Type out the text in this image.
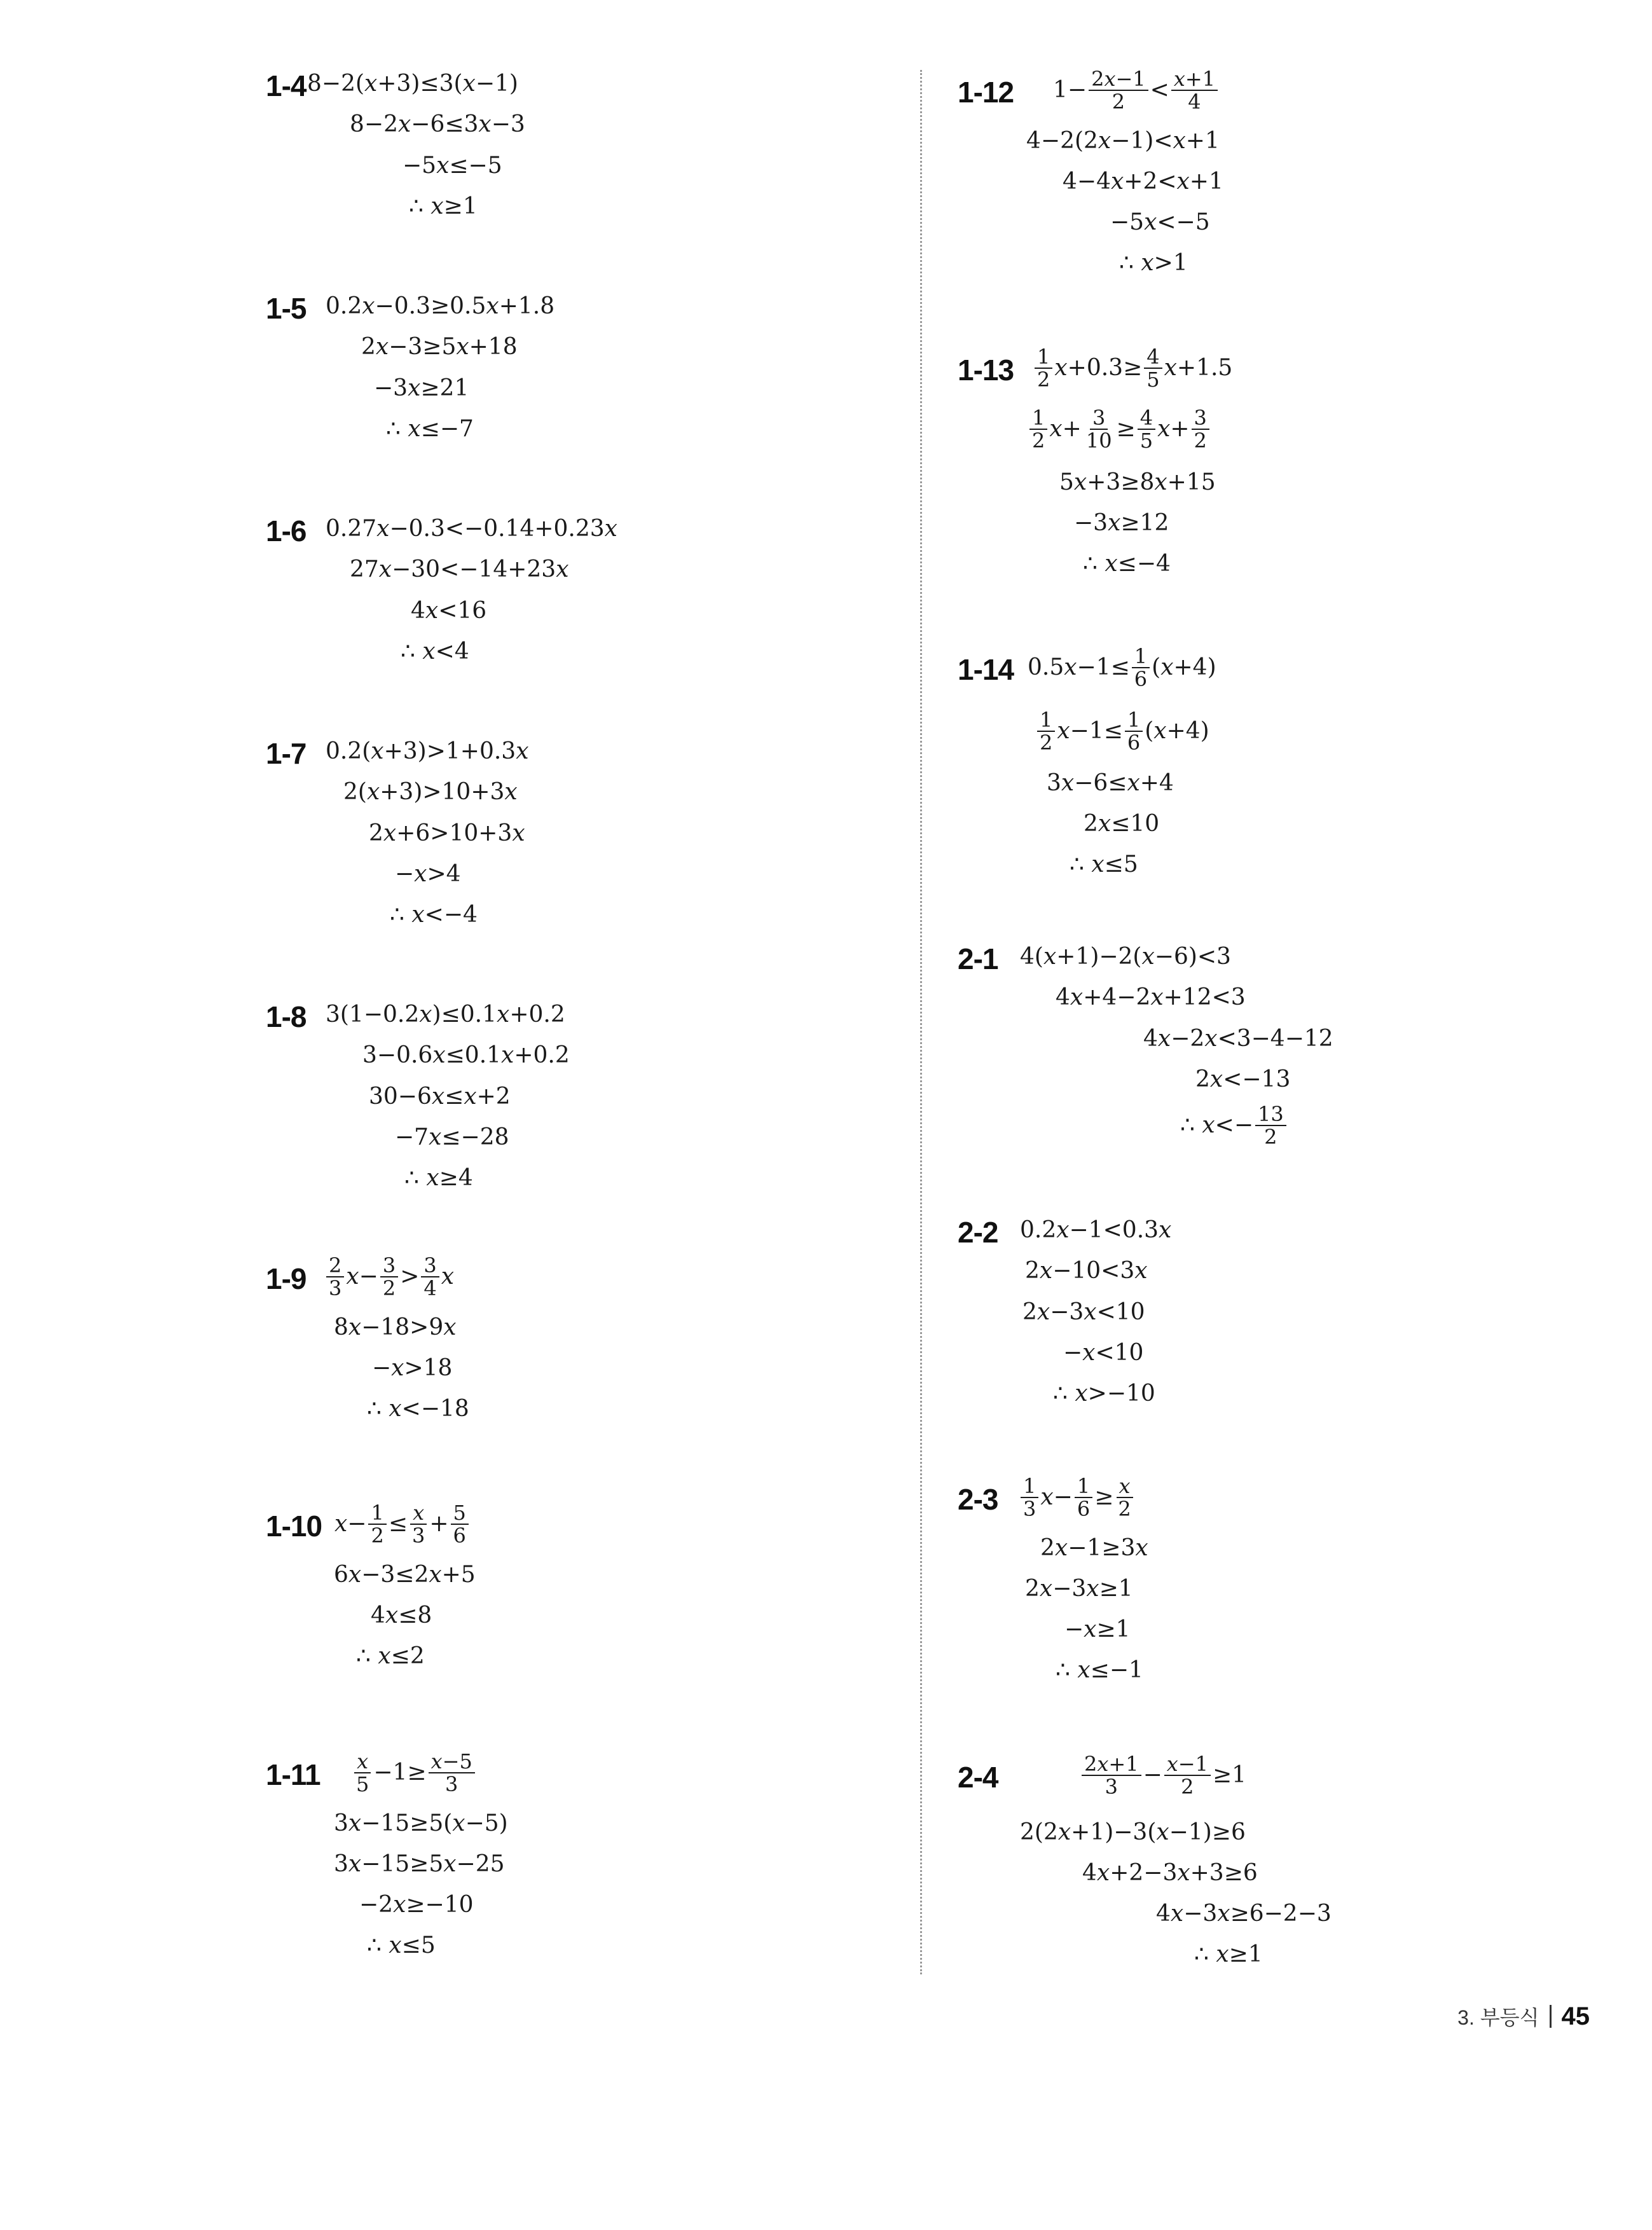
1-4 8−2(𝑥+3)≤3(𝑥−1)
8−2𝑥−6≤3𝑥−3
−5𝑥≤−5
∴ 𝑥≥1
1-5 0.2𝑥−0.3≥0.5𝑥+1.8
2𝑥−3≥5𝑥+18
−3𝑥≥21
∴ 𝑥≤−7
1-6 0.27𝑥−0.3<−0.14+0.23𝑥
27𝑥−30<−14+23𝑥
4𝑥<16
∴ 𝑥<4
1-7 0.2(𝑥+3)>1+0.3𝑥
2(𝑥+3)>10+3𝑥
2𝑥+6>10+3𝑥
−𝑥>4
∴ 𝑥<−4
1-8 3(1−0.2𝑥)≤0.1𝑥+0.2
3−0.6𝑥≤0.1𝑥+0.2
30−6𝑥≤𝑥+2
−7𝑥≤−28
∴ 𝑥≥4
$1-9 \frac{2}{3}$ 𝑥− $\frac{3}{2} > \frac{3}{4}$ 𝑥
8𝑥−18>9𝑥
−𝑥>18
∴ 𝑥<−18
1-10 𝑥− $\frac{1}{2} \le \frac{\text{𝑥}}{3} + \frac{5}{6}$
6𝑥−3≤2𝑥+5
4𝑥≤8
∴ 𝑥≤2
$1-11 \frac{\text{𝑥}}{5} -1\ge \frac{\text{𝑥−5}}{3}$
3𝑥−15≥5(𝑥−5)
3𝑥−15≥5𝑥−25
−2𝑥≥−10
∴ 𝑥≤5
1-12 $1- \frac{\text{2𝑥−1}}{2} < \frac{\text{𝑥+1}}{4}$
4−2(2𝑥−1)<𝑥+1
4−4𝑥+2<𝑥+1
−5𝑥<−5
∴ 𝑥>1
$1-13 \frac{1}{2}$ 𝑥+0.3≥ $\frac{4}{5}$ 𝑥+1.5
$\frac{1}{2}$ 𝑥+ $\frac{3}{10} \ge \frac{4}{5}$ 𝑥+ $\frac{3}{2}$
5𝑥+3≥8𝑥+15
−3𝑥≥12
∴ 𝑥≤−4
1-14 0.5𝑥−1≤ $\frac{1}{6}$ (𝑥+4)
$\frac{1}{2}$ 𝑥−1≤ $\frac{1}{6}$ (𝑥+4)
3𝑥−6≤𝑥+4
2𝑥≤10
∴ 𝑥≤5
2-1 4(𝑥+1)−2(𝑥−6)<3
4𝑥+4−2𝑥+12<3
4𝑥−2𝑥<3−4−12
2𝑥<−13
∴ 𝑥<− $\frac{13}{2}$
2-2 0.2𝑥−1<0.3𝑥
2𝑥−10<3𝑥
2𝑥−3𝑥<10
−𝑥<10
∴ 𝑥>−10
$2-3 \frac{1}{3}$ 𝑥− $\frac{1}{6} \ge \frac{\text{𝑥}}{2}$
2𝑥−1≥3𝑥
2𝑥−3𝑥≥1
−𝑥≥1
∴ 𝑥≤−1
2-4	$\frac{\text{2𝑥+1}}{3} - \frac{\text{𝑥−1}}{2} \ge 1$
2(2𝑥+1)−3(𝑥−1)≥6
4𝑥+2−3𝑥+3≥6
4𝑥−3𝑥≥6−2−3
∴ 𝑥≥1
3. 부등식 45
